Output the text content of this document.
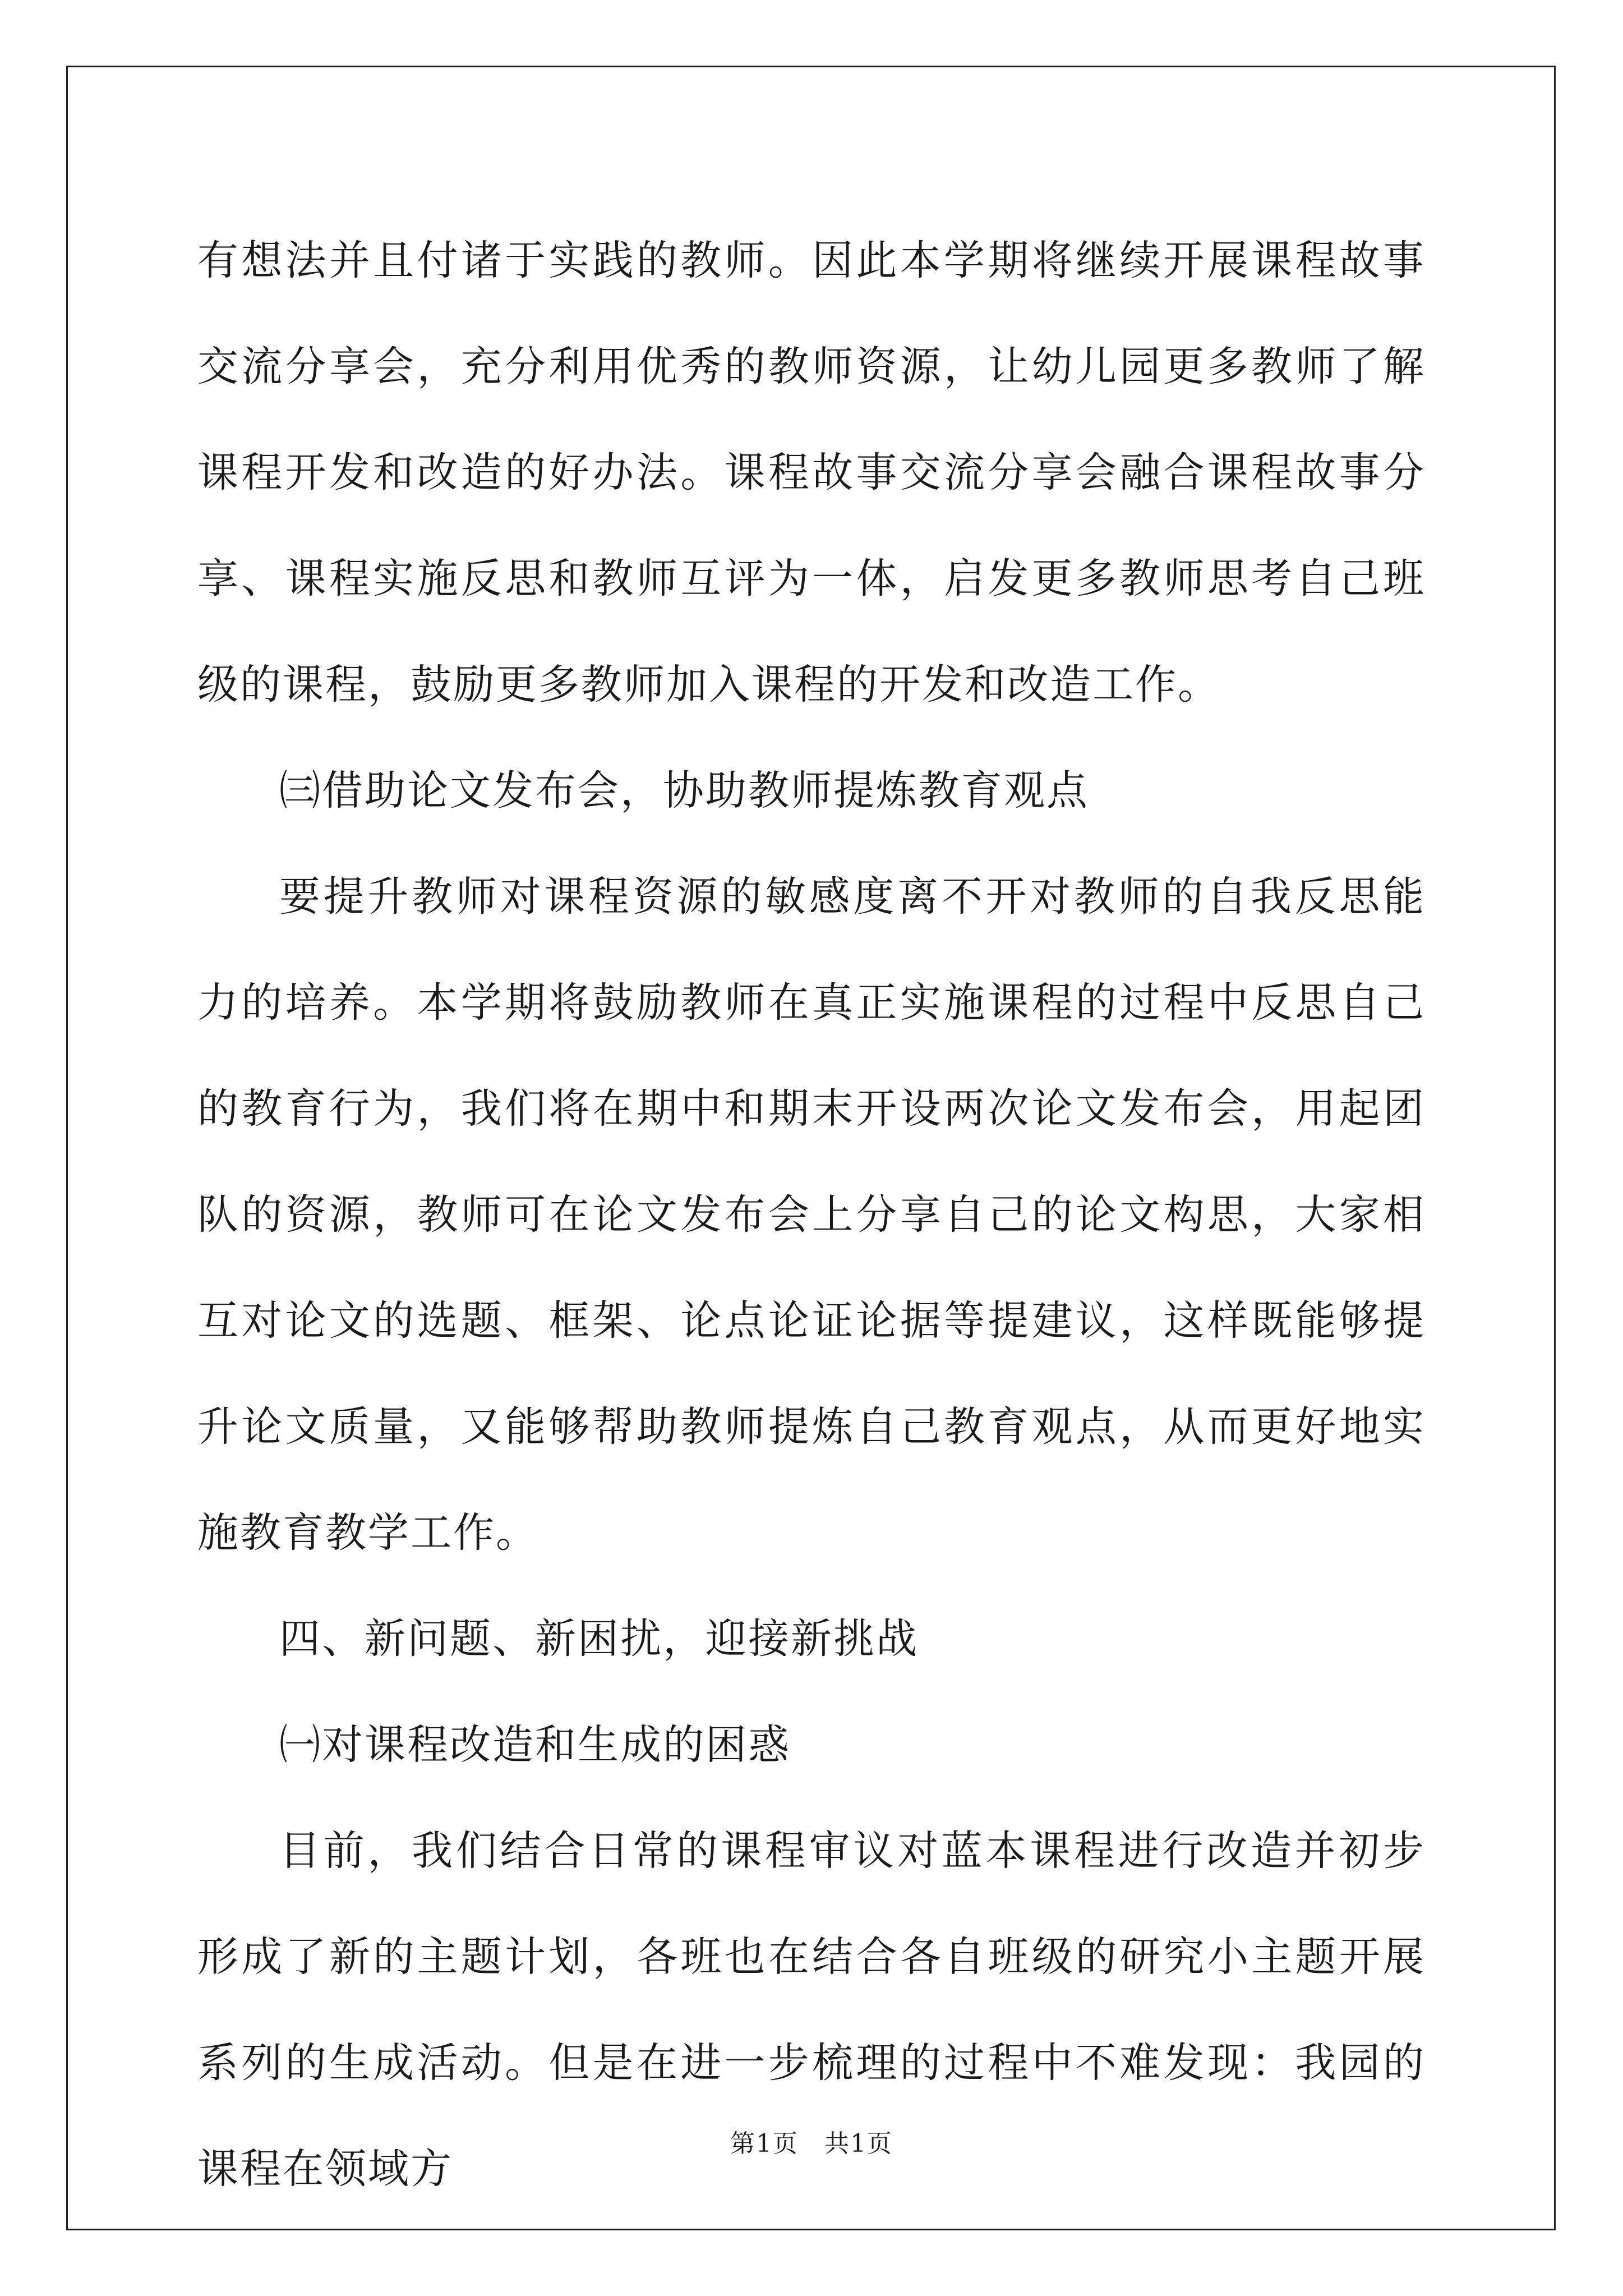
有想法并且付诸于实践的教师。因此本学期将继续开展课程故事交流分享会，充分利用优秀的教师资源，让幼儿园更多教师了解课程开发和改造的好办法。课程故事交流分享会融合课程故事分享、课程实施反思和教师互评为一体，启发更多教师思考自己班级的课程，鼓励更多教师加入课程的开发和改造工作。

㈢借助论文发布会，协助教师提炼教育观点

要提升教师对课程资源的敏感度离不开对教师的自我反思能力的培养。本学期将鼓励教师在真正实施课程的过程中反思自己的教育行为，我们将在期中和期末开设两次论文发布会，用起团队的资源，教师可在论文发布会上分享自己的论文构思，大家相互对论文的选题、框架、论点论证论据等提建议，这样既能够提升论文质量，又能够帮助教师提炼自己教育观点，从而更好地实施教育教学工作。

四、新问题、新困扰，迎接新挑战

㈠对课程改造和生成的困惑

目前，我们结合日常的课程审议对蓝本课程进行改造并初步形成了新的主题计划，各班也在结合各自班级的研究小主题开展系列的生成活动。但是在进一步梳理的过程中不难发现：我园的课程在领域方

第1页　共1页
